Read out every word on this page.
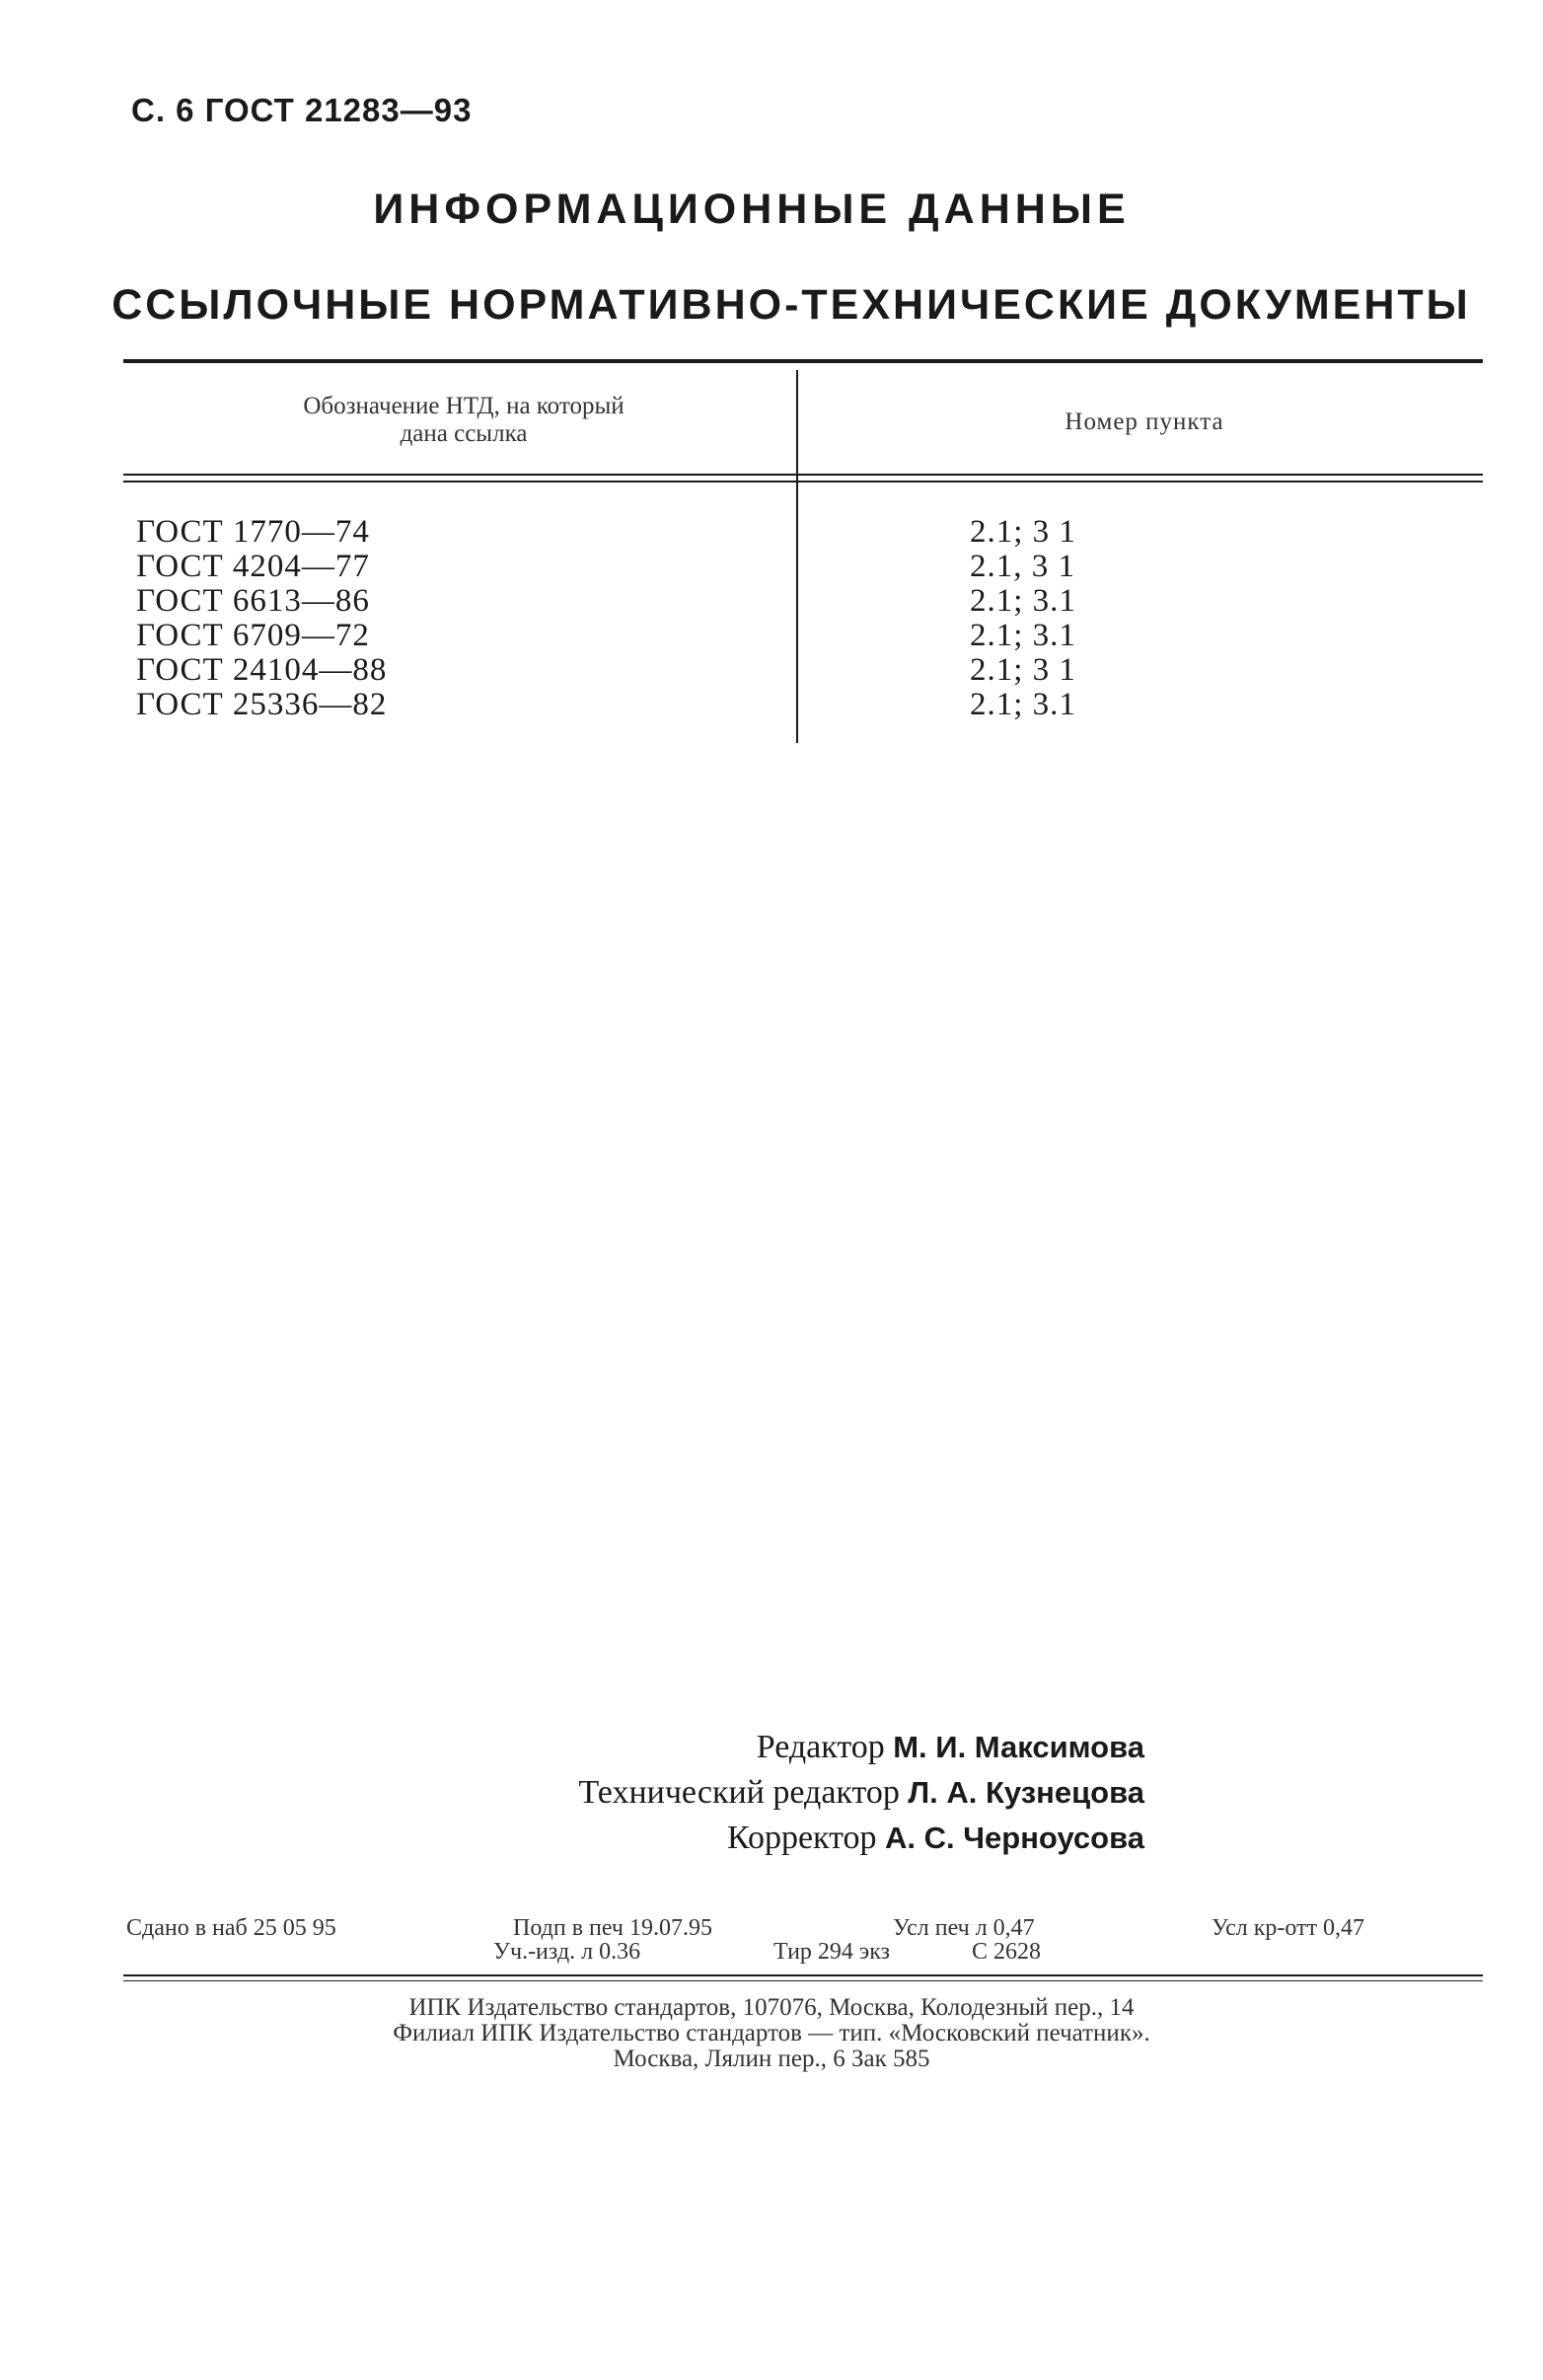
С. 6 ГОСТ 21283—93
ИНФОРМАЦИОННЫЕ ДАННЫЕ
ССЫЛОЧНЫЕ НОРМАТИВНО-ТЕХНИЧЕСКИЕ ДОКУМЕНТЫ
Обозначение НТД, на который
дана ссылка	Номер пункта
ГОСТ 1770—74	2.1; 3 1
ГОСТ 4204—77	2.1, 3 1
ГОСТ 6613—86	2.1; 3.1
ГОСТ 6709—72	2.1; 3.1
ГОСТ 24104—88	2.1; 3 1
ГОСТ 25336—82	2.1; 3.1
Редактор М. И. Максимова
Технический редактор Л. А. Кузнецова
Корректор А. С. Черноусова
Сдано в наб 25 05 95	Подп в печ 19.07.95	Усл печ л 0,47	Усл кр-отт 0,47
Уч.-изд. л 0.36	Тир 294 экз	С 2628
ИПК Издательство стандартов, 107076, Москва, Колодезный пер., 14
Филиал ИПК Издательство стандартов — тип. «Московский печатник».
Москва, Лялин пер., 6 Зак 585
